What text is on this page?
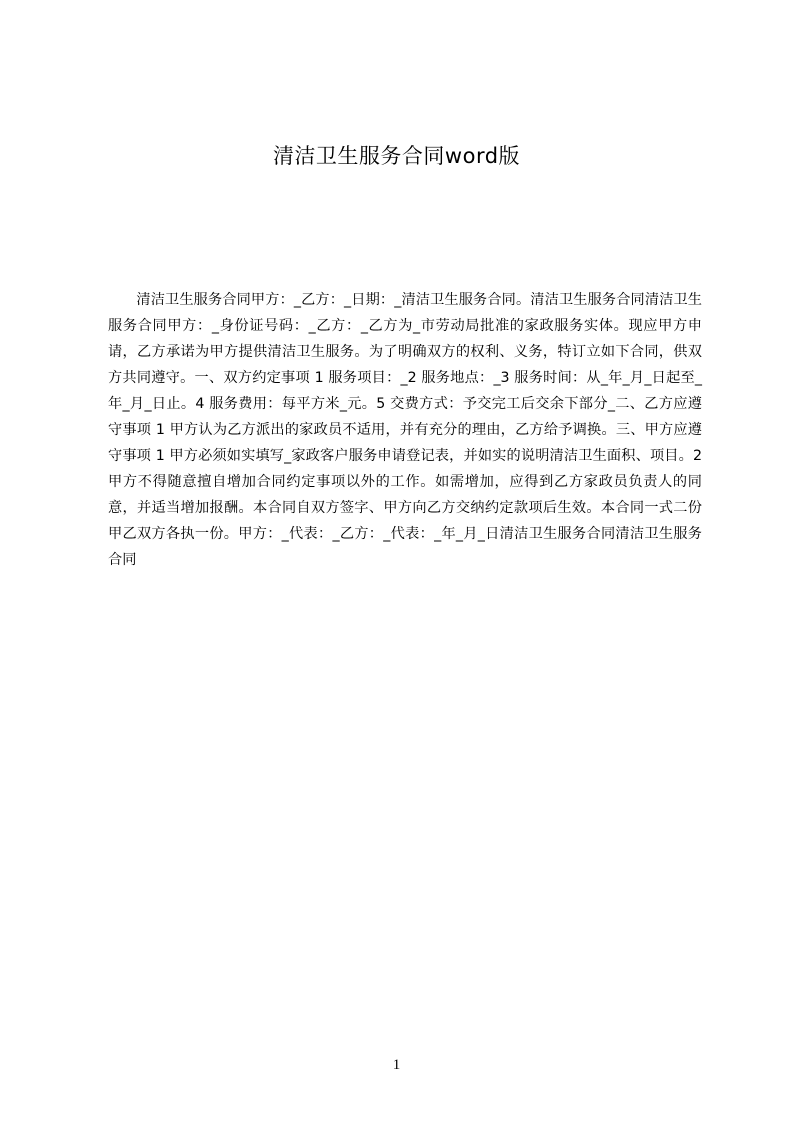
清洁卫生服务合同word版

清洁卫生服务合同甲方：_乙方：_日期：_清洁卫生服务合同。清洁卫生服务合同清洁卫生服务合同甲方：_身份证号码：_乙方：_乙方为_市劳动局批准的家政服务实体。现应甲方申请，乙方承诺为甲方提供清洁卫生服务。为了明确双方的权利、义务，特订立如下合同，供双方共同遵守。一、双方约定事项 1 服务项目：_2 服务地点：_3 服务时间：从_年_月_日起至_年_月_日止。4 服务费用：每平方米_元。5 交费方式：予交完工后交余下部分_二、乙方应遵守事项 1 甲方认为乙方派出的家政员不适用，并有充分的理由，乙方给予调换。三、甲方应遵守事项 1 甲方必须如实填写_家政客户服务申请登记表，并如实的说明清洁卫生面积、项目。2 甲方不得随意擅自增加合同约定事项以外的工作。如需增加，应得到乙方家政员负责人的同意，并适当增加报酬。本合同自双方签字、甲方向乙方交纳约定款项后生效。本合同一式二份甲乙双方各执一份。甲方：_代表：_乙方：_代表：_年_月_日清洁卫生服务合同清洁卫生服务合同

1
